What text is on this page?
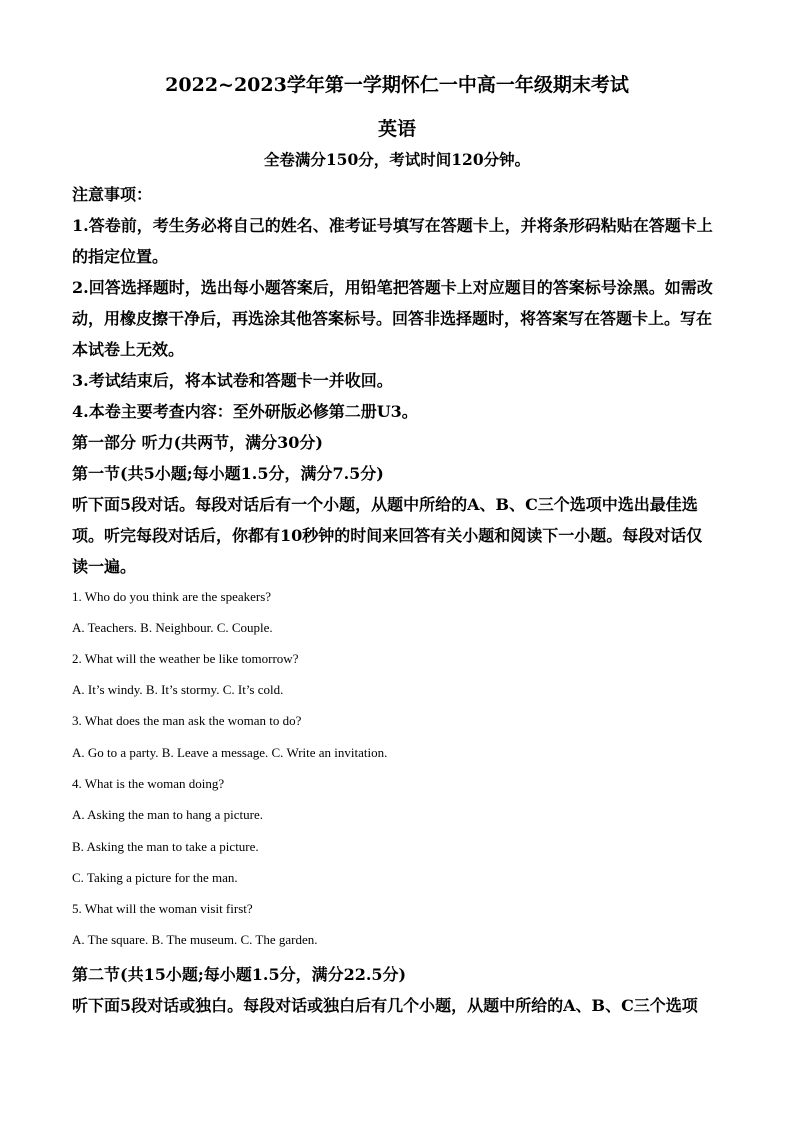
2022~2023学年第一学期怀仁一中高一年级期末考试
英语
全卷满分150分，考试时间120分钟。
注意事项：
1.答卷前，考生务必将自己的姓名、准考证号填写在答题卡上，并将条形码粘贴在答题卡上
的指定位置。
2.回答选择题时，选出每小题答案后，用铅笔把答题卡上对应题目的答案标号涂黑。如需改
动，用橡皮擦干净后，再选涂其他答案标号。回答非选择题时，将答案写在答题卡上。写在
本试卷上无效。
3.考试结束后，将本试卷和答题卡一并收回。
4.本卷主要考查内容：至外研版必修第二册U3。
第一部分 听力(共两节，满分30分)
第一节(共5小题;每小题1.5分，满分7.5分)
听下面5段对话。每段对话后有一个小题，从题中所给的A、B、C三个选项中选出最佳选
项。听完每段对话后，你都有10秒钟的时间来回答有关小题和阅读下一小题。每段对话仅
读一遍。
1. Who do you think are the speakers?
A. Teachers. B. Neighbour. C. Couple.
2. What will the weather be like tomorrow?
A. It’s windy. B. It’s stormy. C. It’s cold.
3. What does the man ask the woman to do?
A. Go to a party. B. Leave a message. C. Write an invitation.
4. What is the woman doing?
A. Asking the man to hang a picture.
B. Asking the man to take a picture.
C. Taking a picture for the man.
5. What will the woman visit first?
A. The square. B. The museum. C. The garden.
第二节(共15小题;每小题1.5分，满分22.5分)
听下面5段对话或独白。每段对话或独白后有几个小题，从题中所给的A、B、C三个选项
